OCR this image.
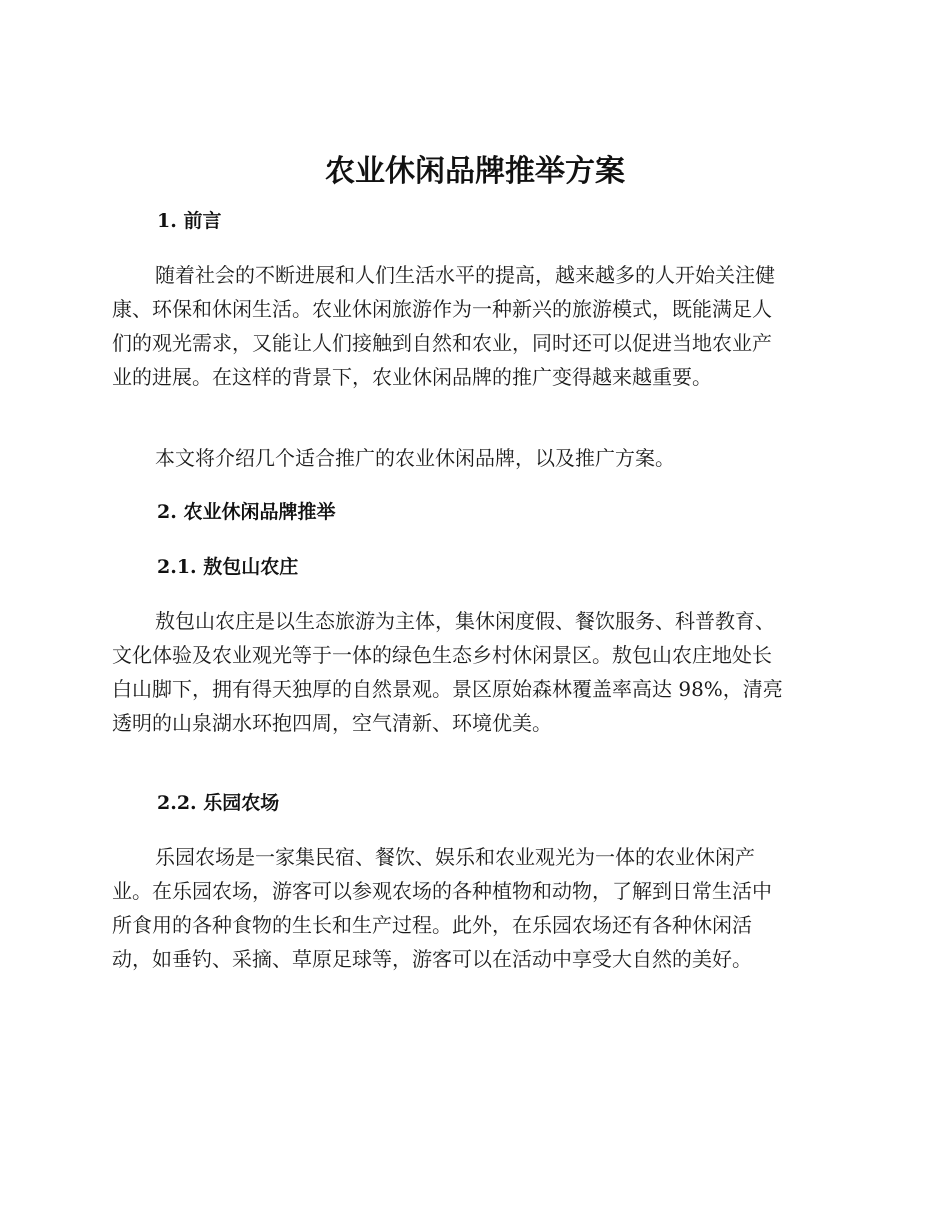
农业休闲品牌推举方案
1. 前言

随着社会的不断进展和人们生活水平的提高，越来越多的人开始关注健
康、环保和休闲生活。农业休闲旅游作为一种新兴的旅游模式，既能满足人
们的观光需求，又能让人们接触到自然和农业，同时还可以促进当地农业产
业的进展。在这样的背景下，农业休闲品牌的推广变得越来越重要。

本文将介绍几个适合推广的农业休闲品牌，以及推广方案。

2. 农业休闲品牌推举
2.1. 敖包山农庄

敖包山农庄是以生态旅游为主体，集休闲度假、餐饮服务、科普教育、
文化体验及农业观光等于一体的绿色生态乡村休闲景区。敖包山农庄地处长
白山脚下，拥有得天独厚的自然景观。景区原始森林覆盖率高达 98%，清亮
透明的山泉湖水环抱四周，空气清新、环境优美。

2.2. 乐园农场

乐园农场是一家集民宿、餐饮、娱乐和农业观光为一体的农业休闲产
业。在乐园农场，游客可以参观农场的各种植物和动物，了解到日常生活中
所食用的各种食物的生长和生产过程。此外，在乐园农场还有各种休闲活
动，如垂钓、采摘、草原足球等，游客可以在活动中享受大自然的美好。
